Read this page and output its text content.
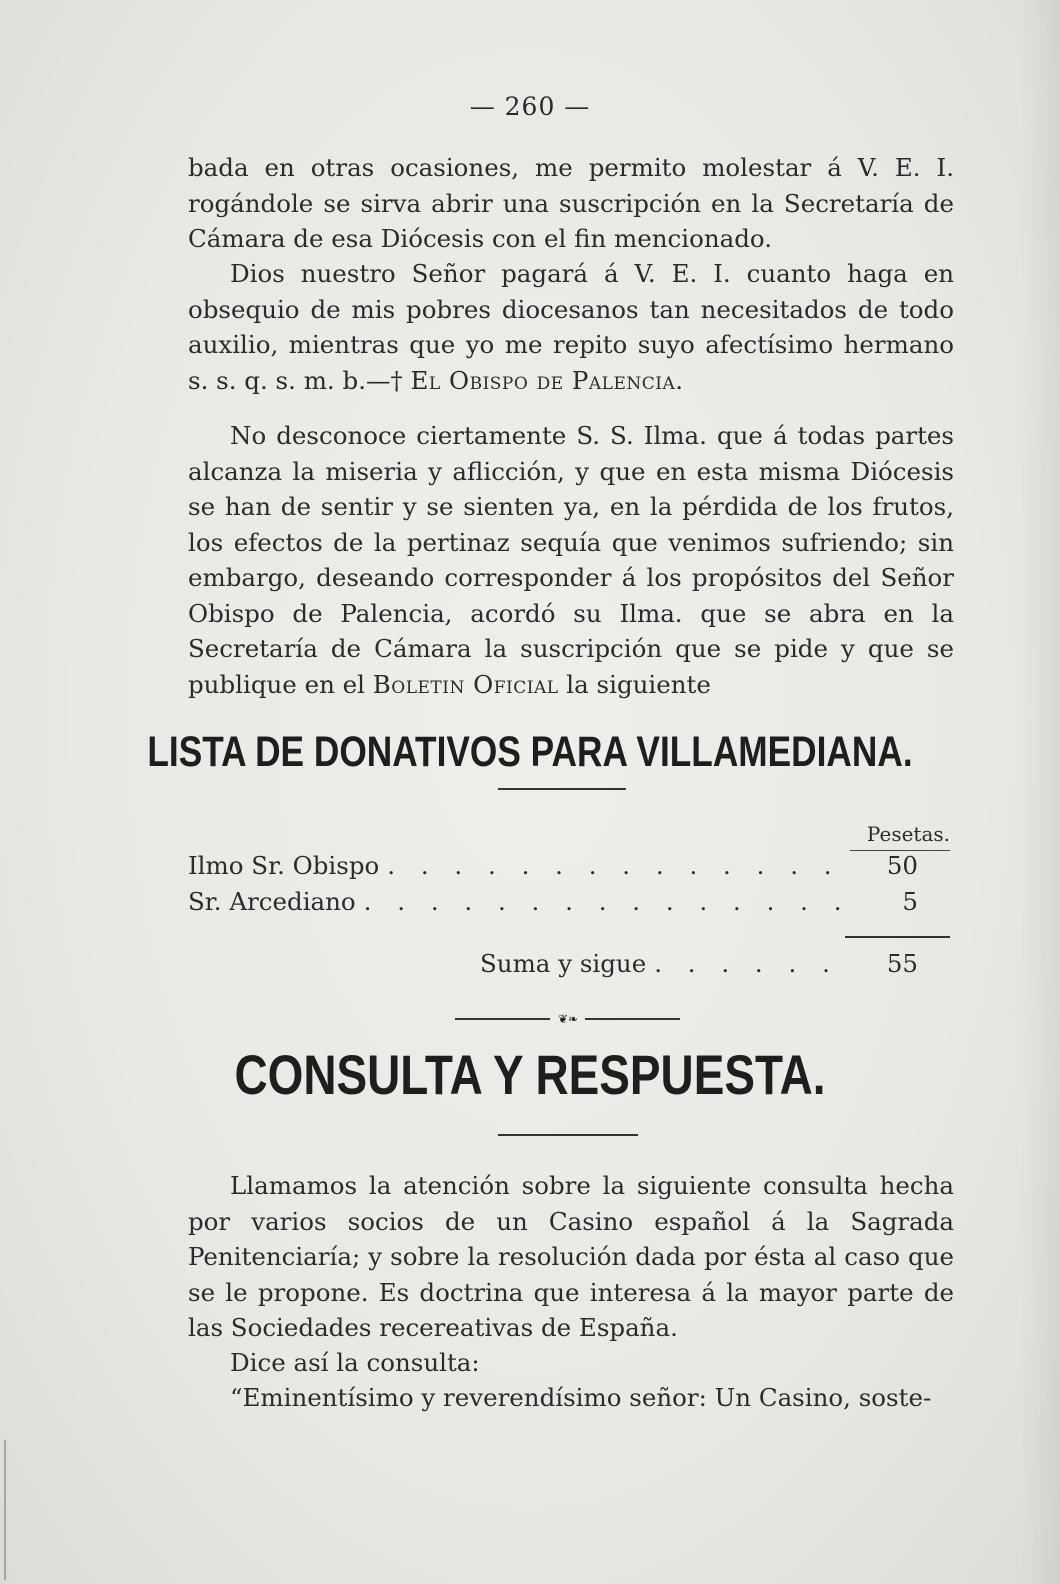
— 260 —

bada en otras ocasiones, me permito molestar á V. E. I. rogándole se sirva abrir una suscripción en la Secretaría de Cámara de esa Diócesis con el fin mencionado.

Dios nuestro Señor pagará á V. E. I. cuanto haga en obsequio de mis pobres diocesanos tan necesitados de todo auxilio, mientras que yo me repito suyo afectísimo hermano s. s. q. s. m. b.—† El Obispo de Palencia.

No desconoce ciertamente S. S. Ilma. que á todas partes alcanza la miseria y aflicción, y que en esta misma Diócesis se han de sentir y se sienten ya, en la pérdida de los frutos, los efectos de la pertinaz sequía que venimos sufriendo; sin embargo, deseando corresponder á los propósitos del Señor Obispo de Palencia, acordó su Ilma. que se abra en la Secretaría de Cámara la suscripción que se pide y que se publique en el Boletin Oficial la siguiente

LISTA DE DONATIVOS PARA VILLAMEDIANA.
Pesetas.
Ilmo Sr. Obispo . . .	50
Sr. Arcediano . . .	5
Suma y sigue . . .	55
❦❧
CONSULTA Y RESPUESTA.

Llamamos la atención sobre la siguiente consulta hecha por varios socios de un Casino español á la Sagrada Penitenciaría; y sobre la resolución dada por ésta al caso que se le propone. Es doctrina que interesa á la mayor parte de las Sociedades recereativas de España.

Dice así la consulta:

“Eminentísimo y reverendísimo señor: Un Casino, soste-
